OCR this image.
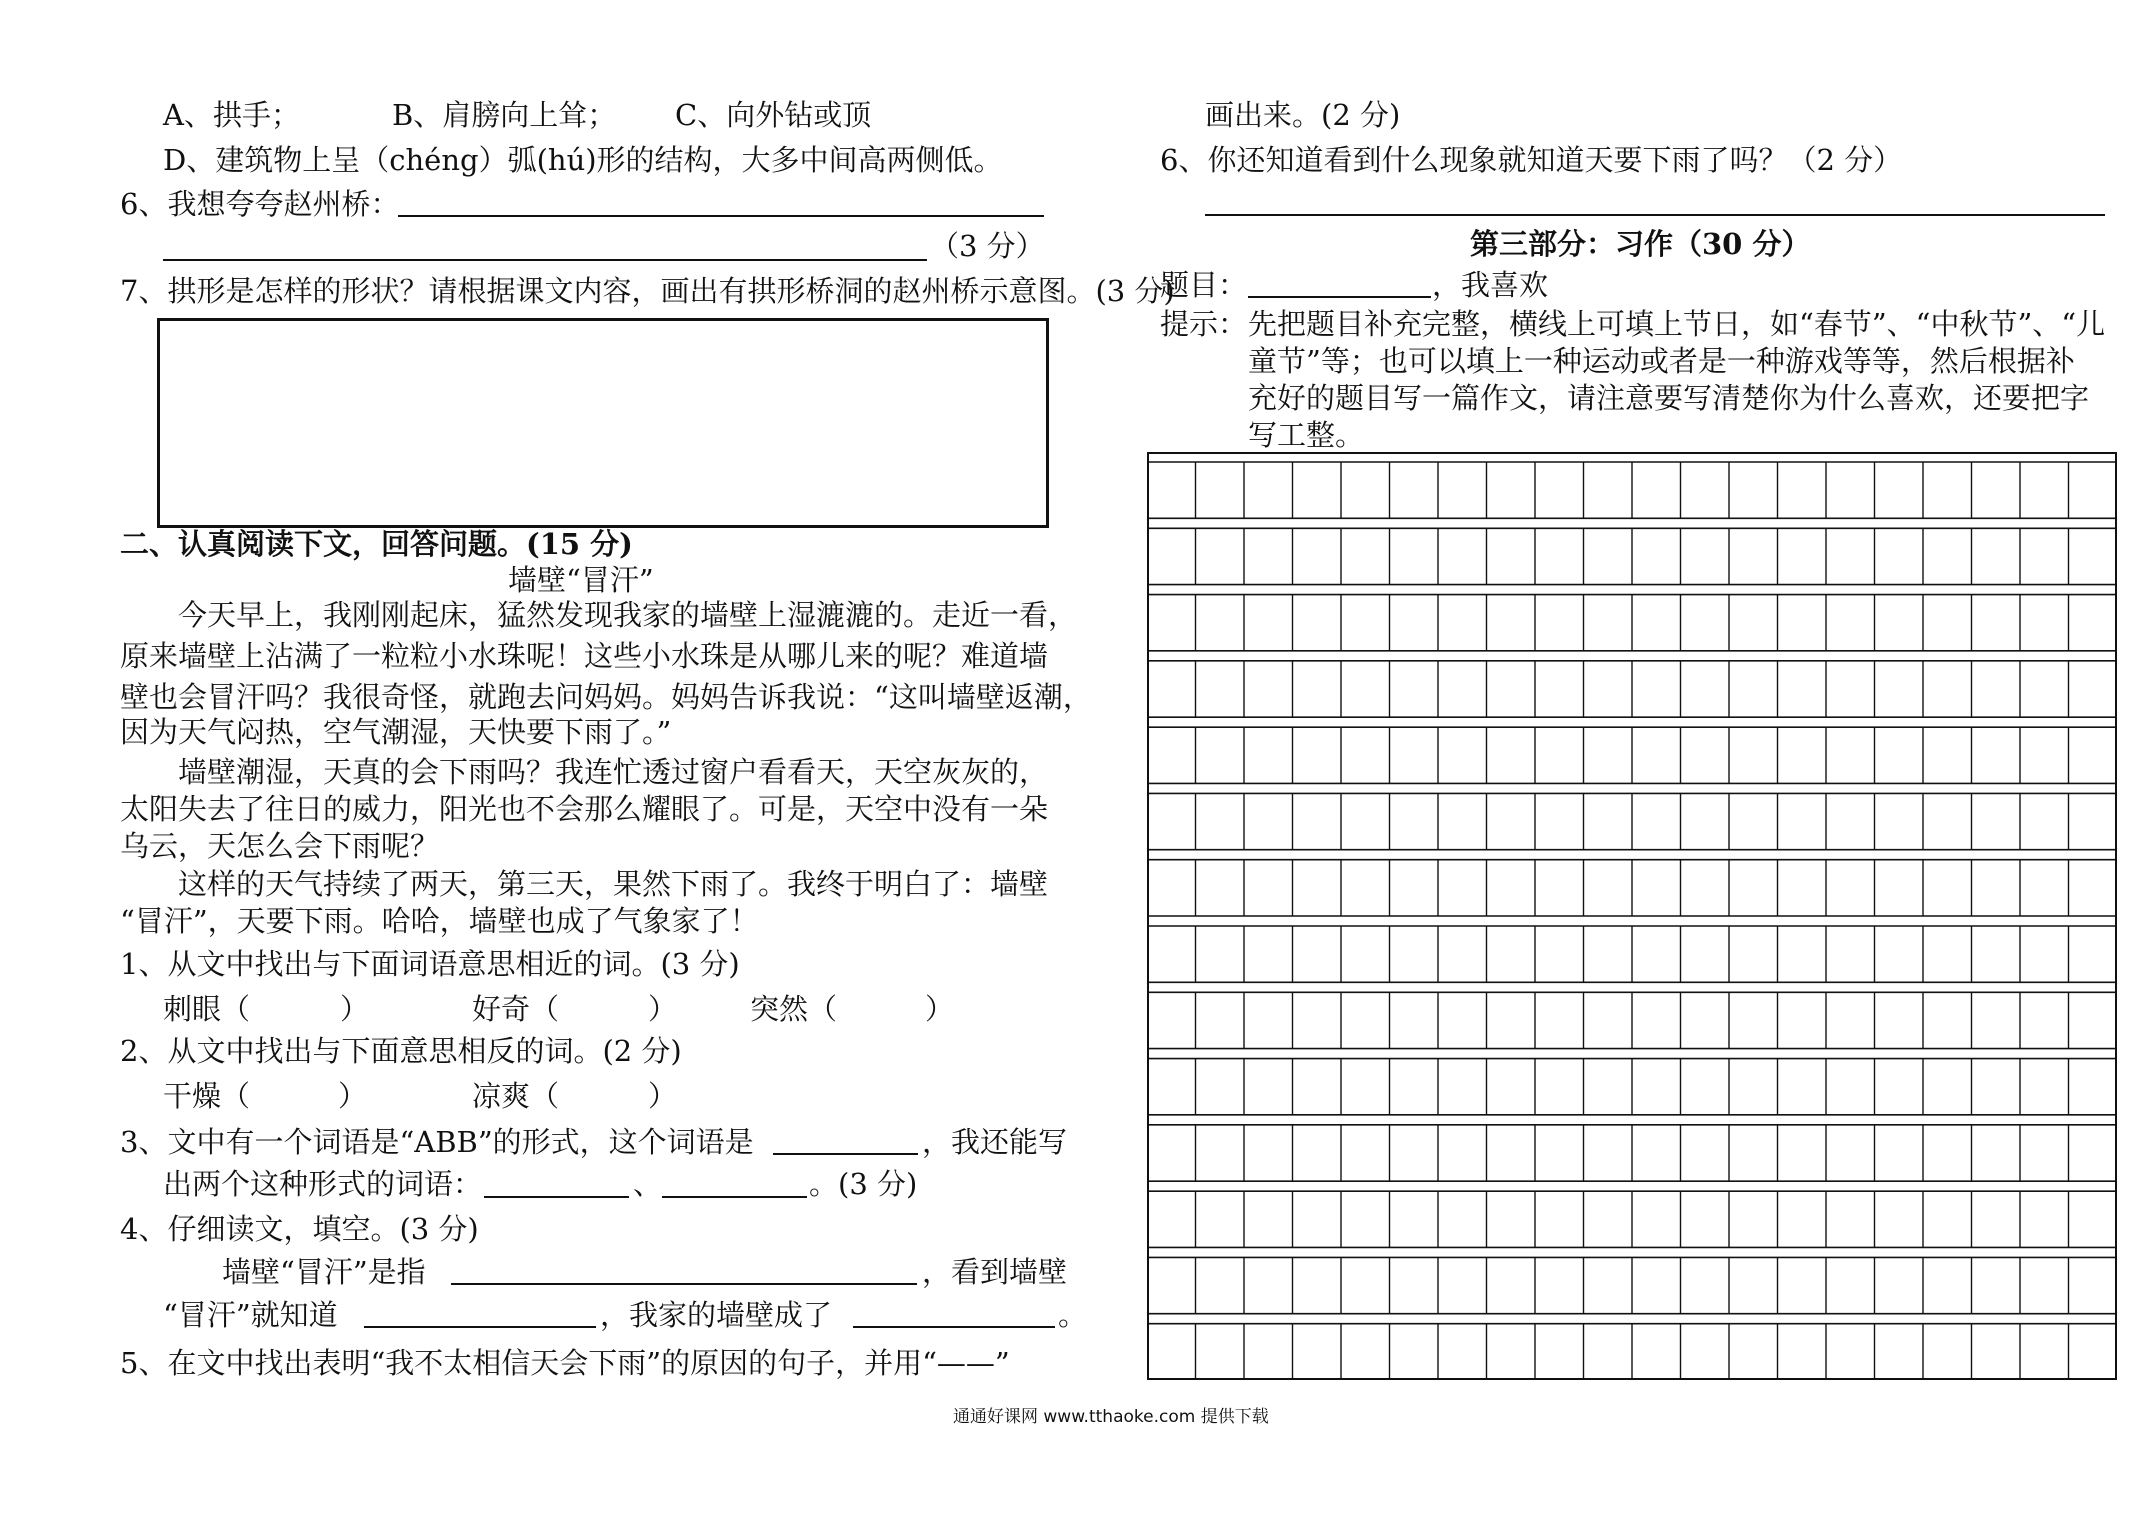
A、拱手；	B、肩膀向上耸； C、向外钻或顶
D、建筑物上呈（chéng）弧(hú)形的结构，大多中间高两侧低。
6、我想夸夸赵州桥：
（3 分）
7、拱形是怎样的形状？请根据课文内容，画出有拱形桥洞的赵州桥示意图。(3 分)
二、认真阅读下文，回答问题。(15 分)
墙壁“冒汗”
今天早上，我刚刚起床，猛然发现我家的墙壁上湿漉漉的。走近一看，
原来墙壁上沾满了一粒粒小水珠呢！这些小水珠是从哪儿来的呢？难道墙
壁也会冒汗吗？我很奇怪，就跑去问妈妈。妈妈告诉我说：“这叫墙壁返潮，
因为天气闷热，空气潮湿，天快要下雨了。”
墙壁潮湿，天真的会下雨吗？我连忙透过窗户看看天，天空灰灰的，
太阳失去了往日的威力，阳光也不会那么耀眼了。可是，天空中没有一朵
乌云，天怎么会下雨呢？
这样的天气持续了两天，第三天，果然下雨了。我终于明白了：墙壁
“冒汗”，天要下雨。哈哈，墙壁也成了气象家了！
1、从文中找出与下面词语意思相近的词。(3 分)
刺眼（	）	好奇（	）	突然（	）
2、从文中找出与下面意思相反的词。(2 分)
干燥（	）	凉爽（	）
3、文中有一个词语是“ABB”的形式，这个词语是	，我还能写
出两个这种形式的词语：	、	。(3 分)
4、仔细读文，填空。(3 分)
墙壁“冒汗”是指	，看到墙壁
“冒汗”就知道	，我家的墙壁成了	。
5、在文中找出表明“我不太相信天会下雨”的原因的句子，并用“——”
画出来。(2 分)
6、你还知道看到什么现象就知道天要下雨了吗？（2 分）
第三部分：习作（30 分）
题目：	，我喜欢
提示： 先把题目补充完整，横线上可填上节日，如“春节”、“中秋节”、“儿
童节”等；也可以填上一种运动或者是一种游戏等等，然后根据补
充好的题目写一篇作文，请注意要写清楚你为什么喜欢，还要把字
写工整。
通通好课网 www.tthaoke.com 提供下载
